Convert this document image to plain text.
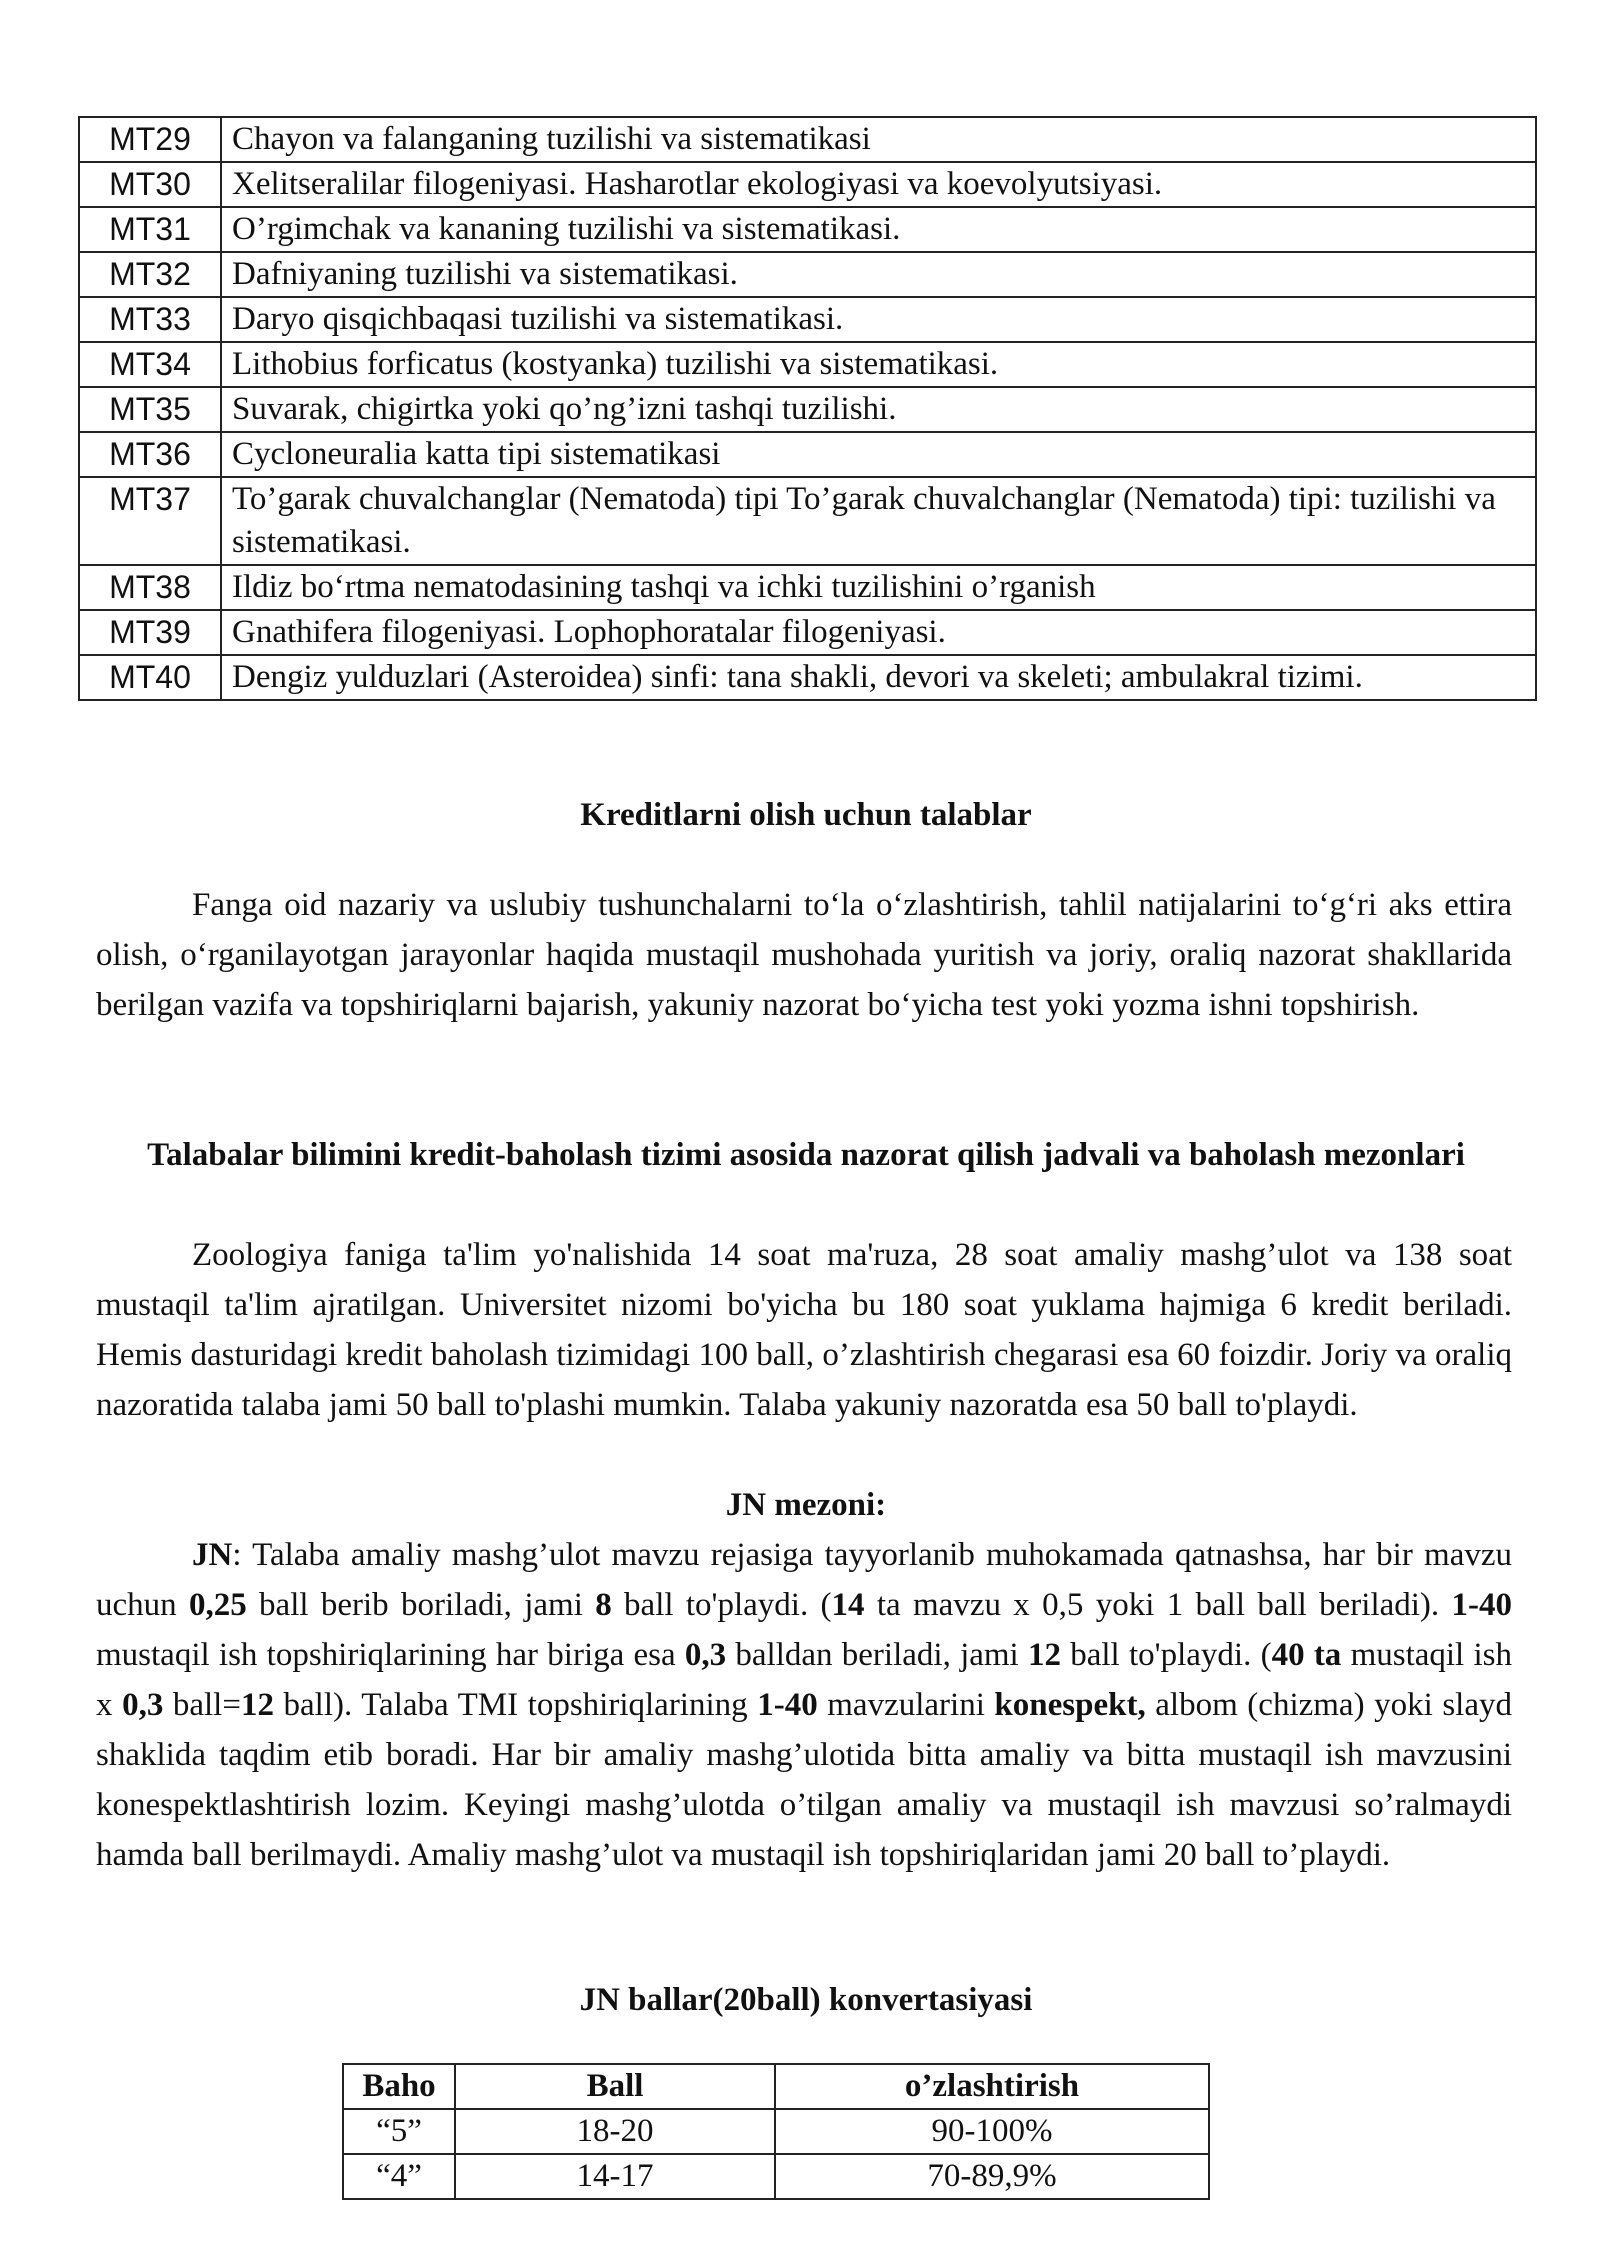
MT29	Chayon va falanganing tuzilishi va sistematikasi
MT30	Xelitseralilar filogeniyasi. Hasharotlar ekologiyasi va koevolyutsiyasi.
MT31	O’rgimchak va kananing tuzilishi va sistematikasi.
MT32	Dafniyaning tuzilishi va sistematikasi.
MT33	Daryo qisqichbaqasi tuzilishi va sistematikasi.
MT34	Lithobius forficatus (kostyanka) tuzilishi va sistematikasi.
MT35	Suvarak, chigirtka yoki qo’ng’izni tashqi tuzilishi.
MT36	Cycloneuralia katta tipi sistematikasi
MT37	To’garak chuvalchanglar (Nematoda) tipi To’garak chuvalchanglar (Nematoda) tipi: tuzilishi va sistematikasi.
MT38	Ildiz bo‘rtma nematodasining tashqi va ichki tuzilishini o’rganish
MT39	Gnathifera filogeniyasi. Lophophoratalar filogeniyasi.
MT40	Dengiz yulduzlari (Asteroidea) sinfi: tana shakli, devori va skeleti; ambulakral tizimi.
Kreditlarni olish uchun talablar

Fanga oid nazariy va uslubiy tushunchalarni to‘la o‘zlashtirish, tahlil natijalarini to‘g‘ri aks ettira olish, o‘rganilayotgan jarayonlar haqida mustaqil mushohada yuritish va joriy, oraliq nazorat shakllarida berilgan vazifa va topshiriqlarni bajarish, yakuniy nazorat bo‘yicha test yoki yozma ishni topshirish.

Talabalar bilimini kredit-baholash tizimi asosida nazorat qilish jadvali va baholash mezonlari

Zoologiya faniga ta'lim yo'nalishida 14 soat ma'ruza, 28 soat amaliy mashg’ulot va 138 soat mustaqil ta'lim ajratilgan. Universitet nizomi bo'yicha bu 180 soat yuklama hajmiga 6 kredit beriladi. Hemis dasturidagi kredit baholash tizimidagi 100 ball, o’zlashtirish chegarasi esa 60 foizdir. Joriy va oraliq nazoratida talaba jami 50 ball to'plashi mumkin. Talaba yakuniy nazoratda esa 50 ball to'playdi.

JN mezoni:

JN: Talaba amaliy mashg’ulot mavzu rejasiga tayyorlanib muhokamada qatnashsa, har bir mavzu uchun 0,25 ball berib boriladi, jami 8 ball to'playdi. (14 ta mavzu x 0,5 yoki 1 ball ball beriladi). 1-40 mustaqil ish topshiriqlarining har biriga esa 0,3 balldan beriladi, jami 12 ball to'playdi. (40 ta mustaqil ish x 0,3 ball=12 ball). Talaba TMI topshiriqlarining 1-40 mavzularini konespekt, albom (chizma) yoki slayd shaklida taqdim etib boradi. Har bir amaliy mashg’ulotida bitta amaliy va bitta mustaqil ish mavzusini konespektlashtirish lozim. Keyingi mashg’ulotda o’tilgan amaliy va mustaqil ish mavzusi so’ralmaydi hamda ball berilmaydi. Amaliy mashg’ulot va mustaqil ish topshiriqlaridan jami 20 ball to’playdi.

JN ballar(20ball) konvertasiyasi
Baho	Ball	o’zlashtirish
“5”	18-20	90-100%
“4”	14-17	70-89,9%
